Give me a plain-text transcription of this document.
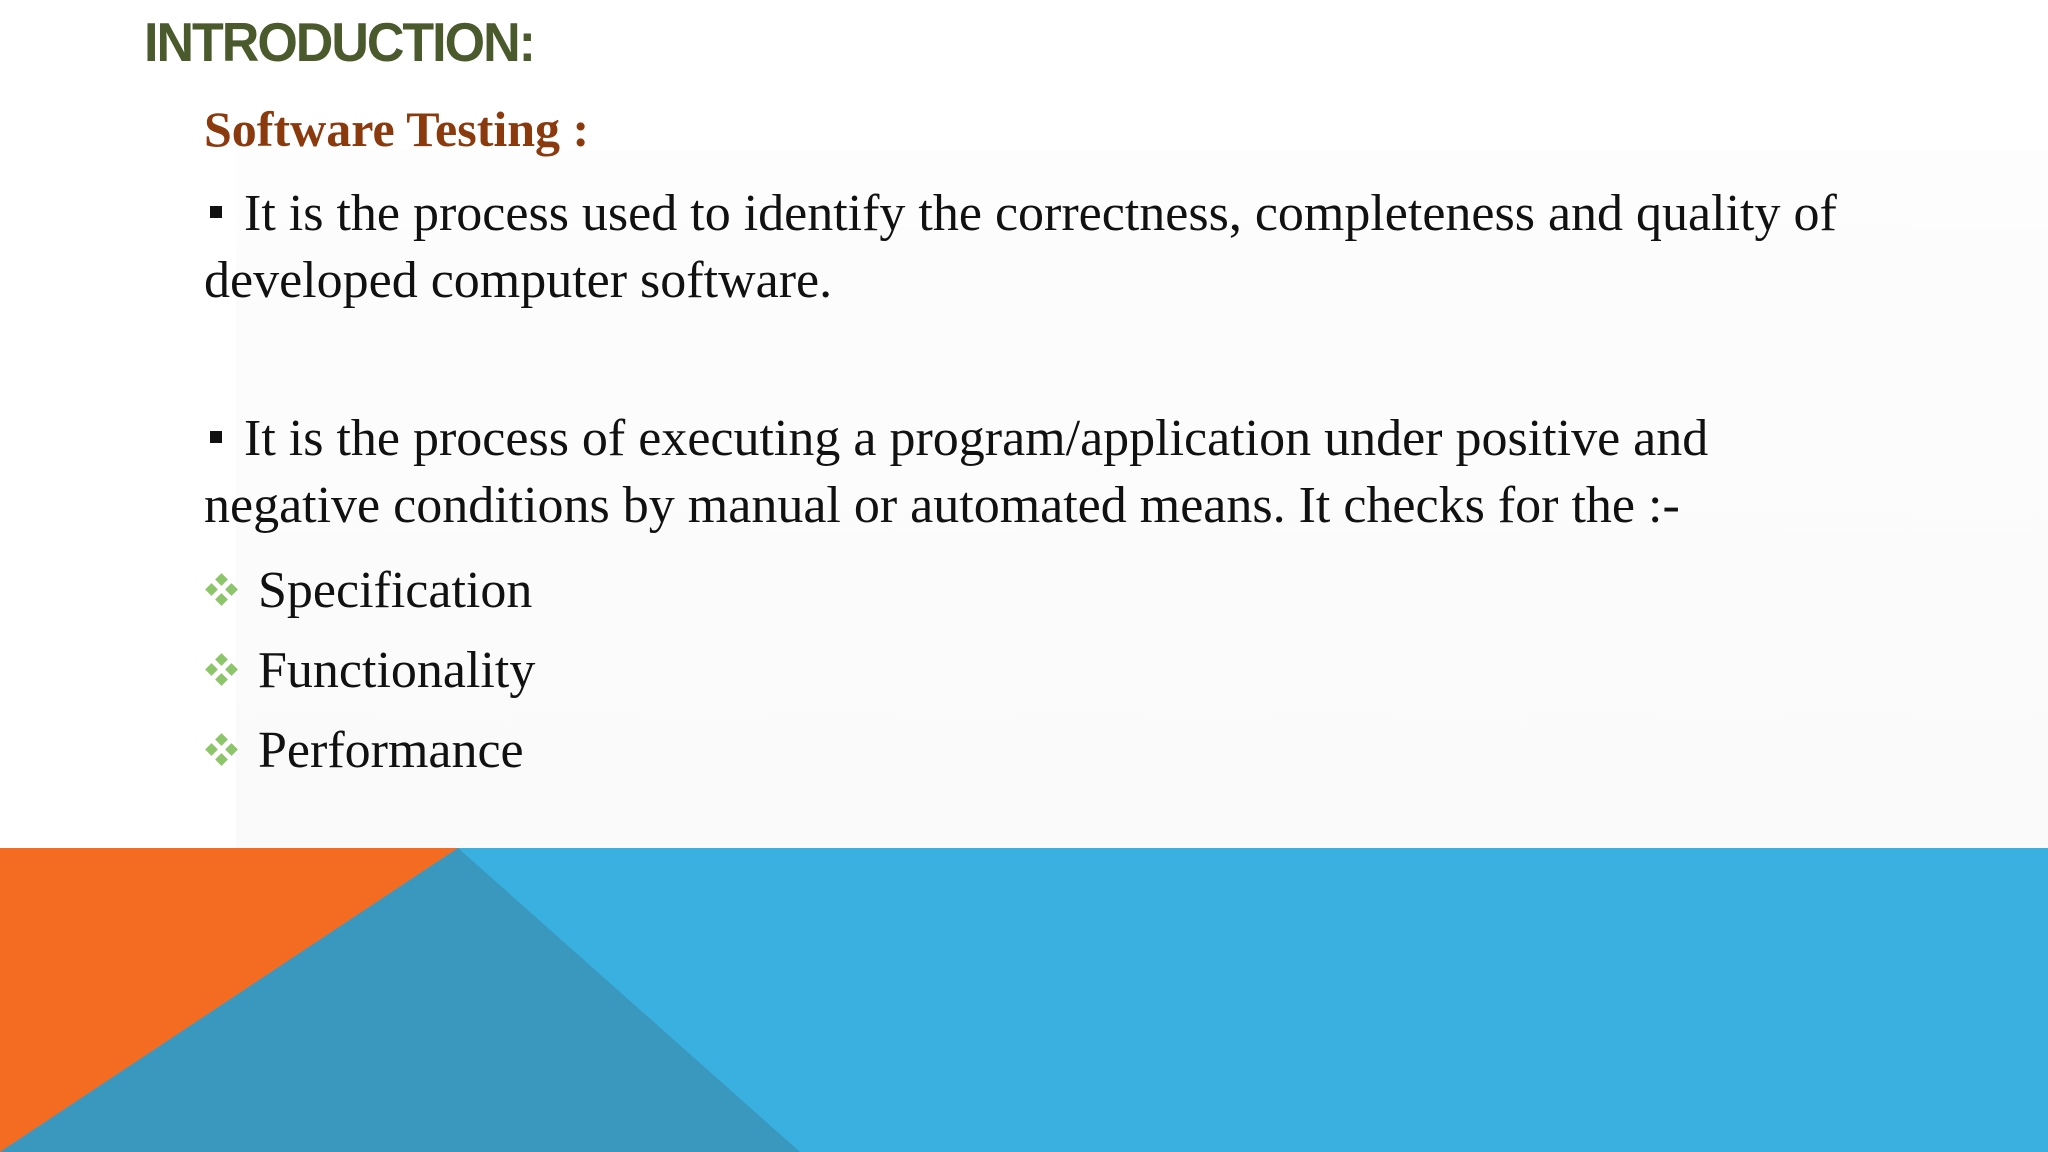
INTRODUCTION:
Software Testing :

It is the process used to identify the correctness, completeness and quality of developed computer software.

It is the process of executing a program/application under positive and negative conditions by manual or automated means. It checks for the :-

Specification
Functionality
Performance
